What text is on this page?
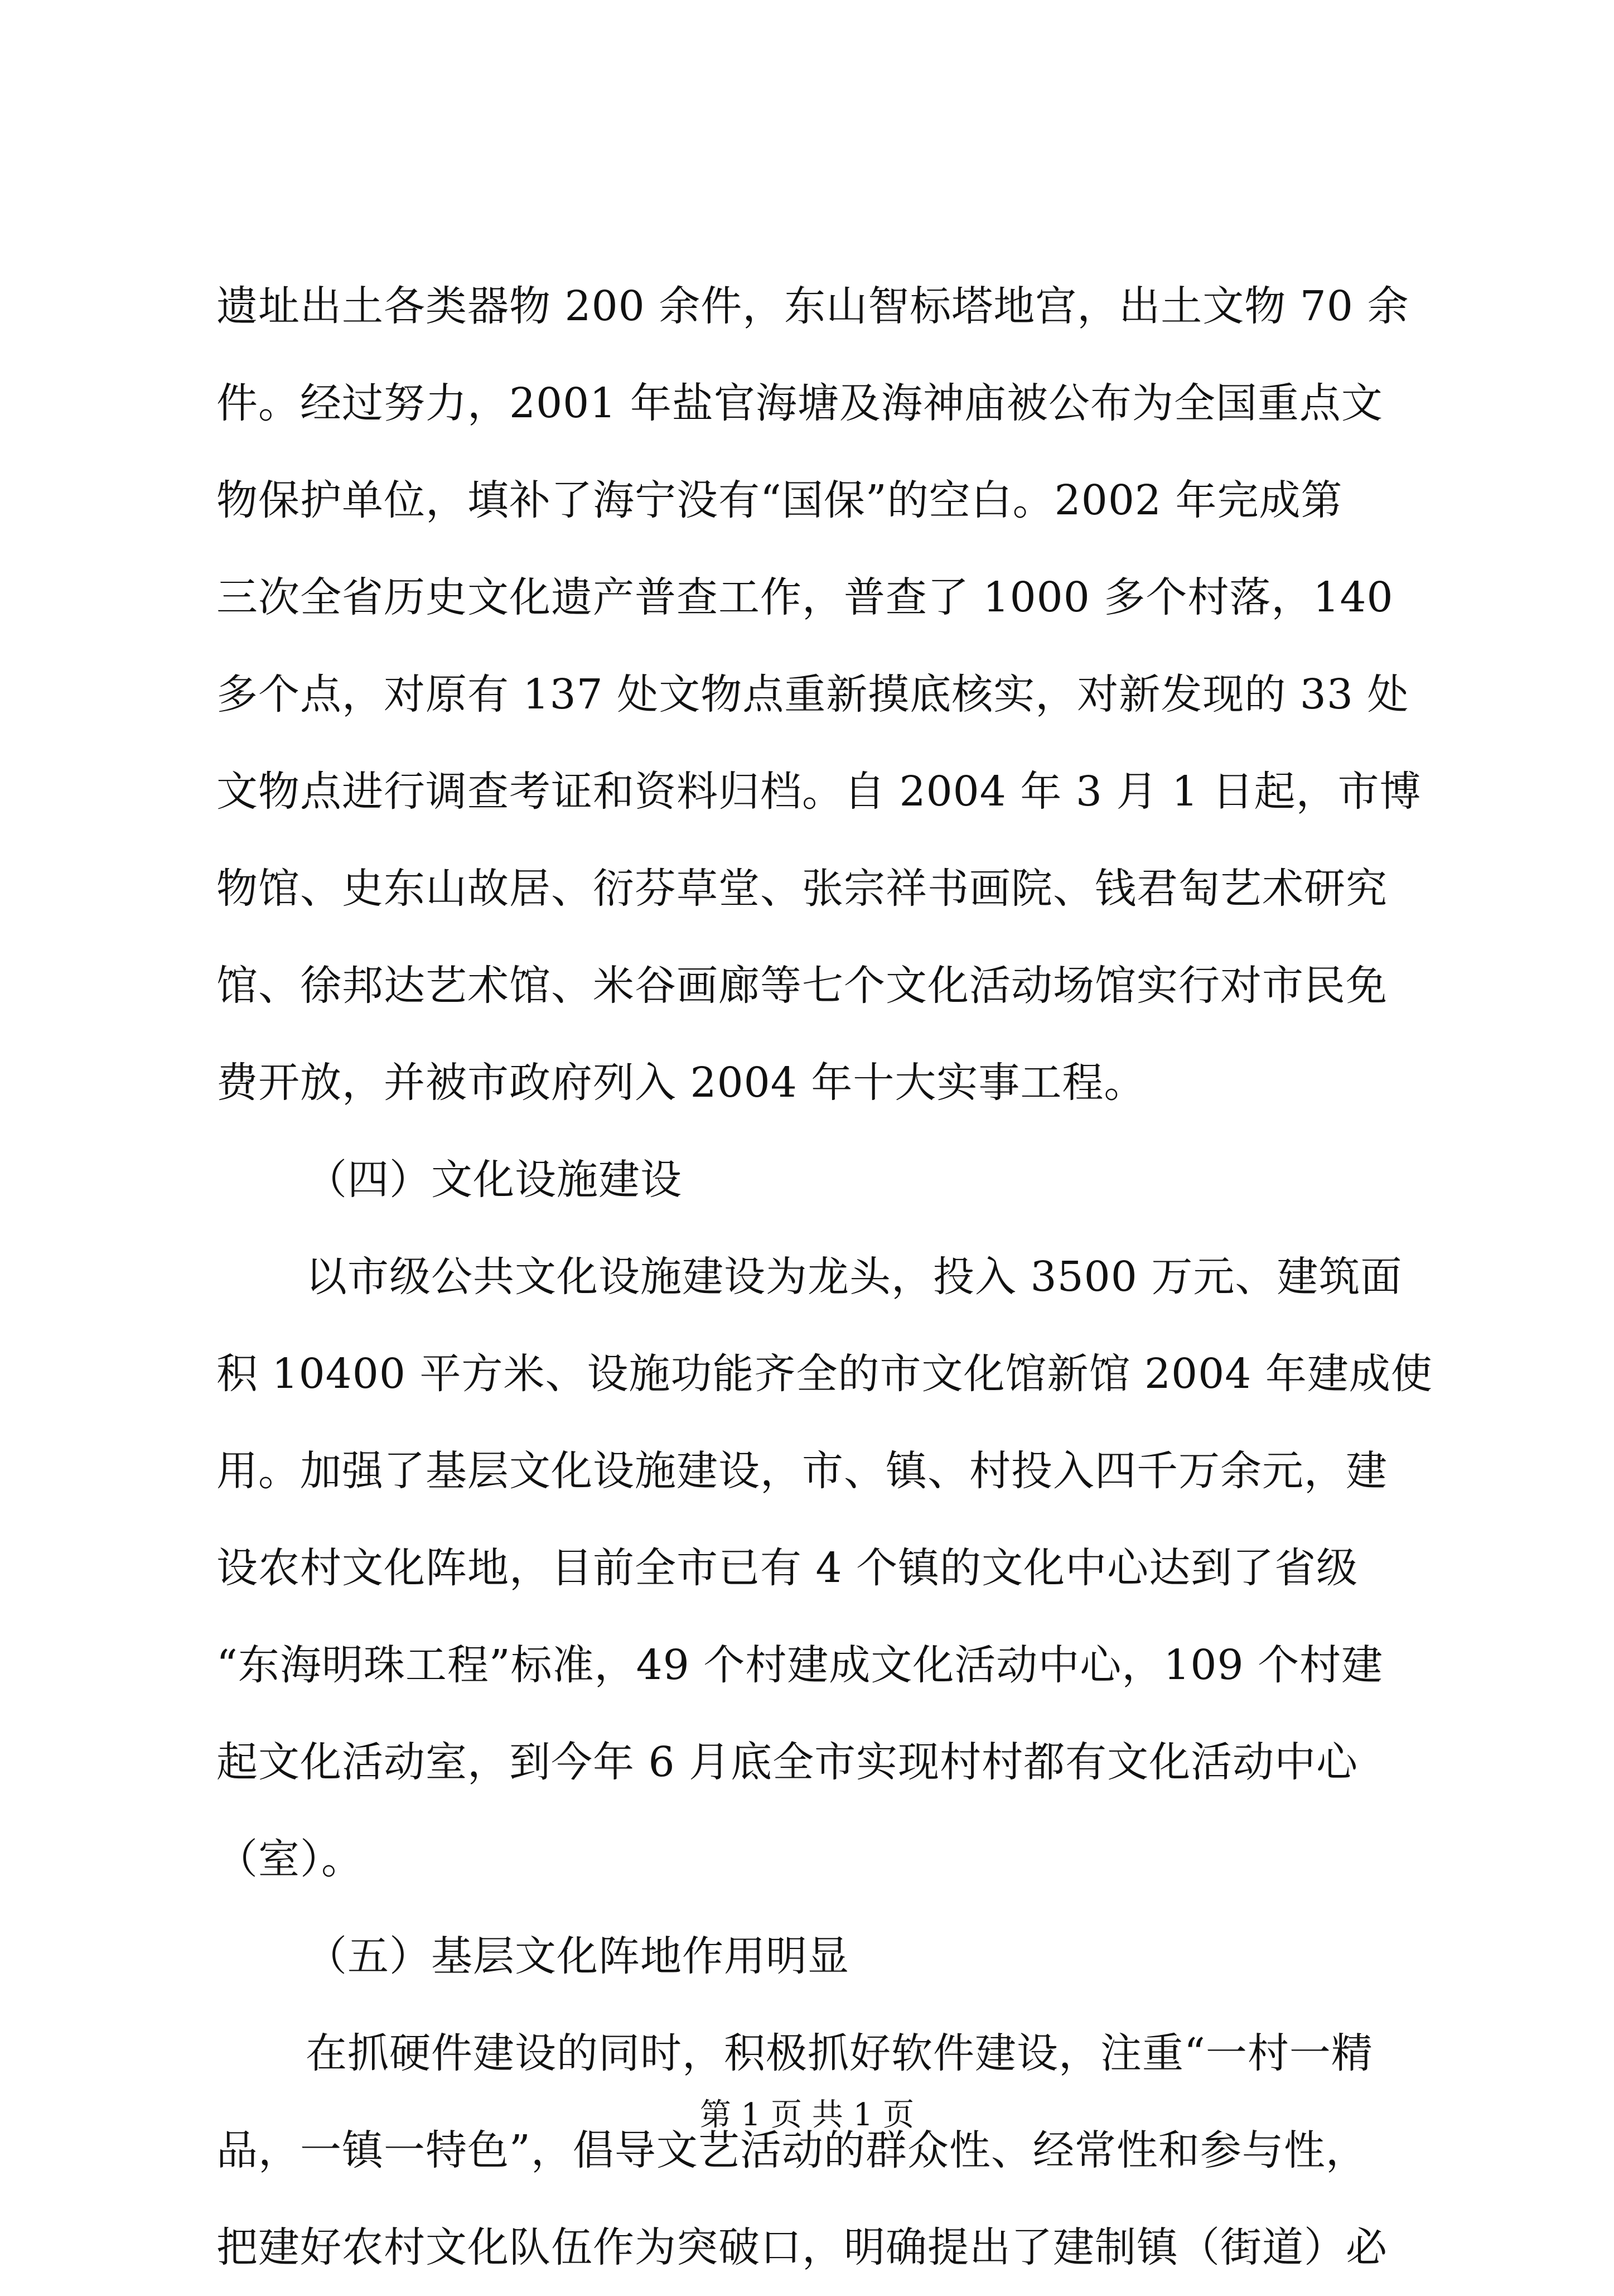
遗址出土各类器物 200 余件，东山智标塔地宫，出土文物 70 余
件。经过努力，2001 年盐官海塘及海神庙被公布为全国重点文
物保护单位，填补了海宁没有“国保”的空白。2002 年完成第
三次全省历史文化遗产普查工作，普查了 1000 多个村落，140
多个点，对原有 137 处文物点重新摸底核实，对新发现的 33 处
文物点进行调查考证和资料归档。自 2004 年 3 月 1 日起，市博
物馆、史东山故居、衍芬草堂、张宗祥书画院、钱君匋艺术研究
馆、徐邦达艺术馆、米谷画廊等七个文化活动场馆实行对市民免
费开放，并被市政府列入 2004 年十大实事工程。
（四）文化设施建设
以市级公共文化设施建设为龙头，投入 3500 万元、建筑面
积 10400 平方米、设施功能齐全的市文化馆新馆 2004 年建成使
用。加强了基层文化设施建设，市、镇、村投入四千万余元，建
设农村文化阵地，目前全市已有 4 个镇的文化中心达到了省级
“东海明珠工程”标准，49 个村建成文化活动中心，109 个村建
起文化活动室，到今年 6 月底全市实现村村都有文化活动中心
（室）。
（五）基层文化阵地作用明显
在抓硬件建设的同时，积极抓好软件建设，注重“一村一精
品，一镇一特色”，倡导文艺活动的群众性、经常性和参与性，
把建好农村文化队伍作为突破口，明确提出了建制镇（街道）必
第 1 页 共 1 页
